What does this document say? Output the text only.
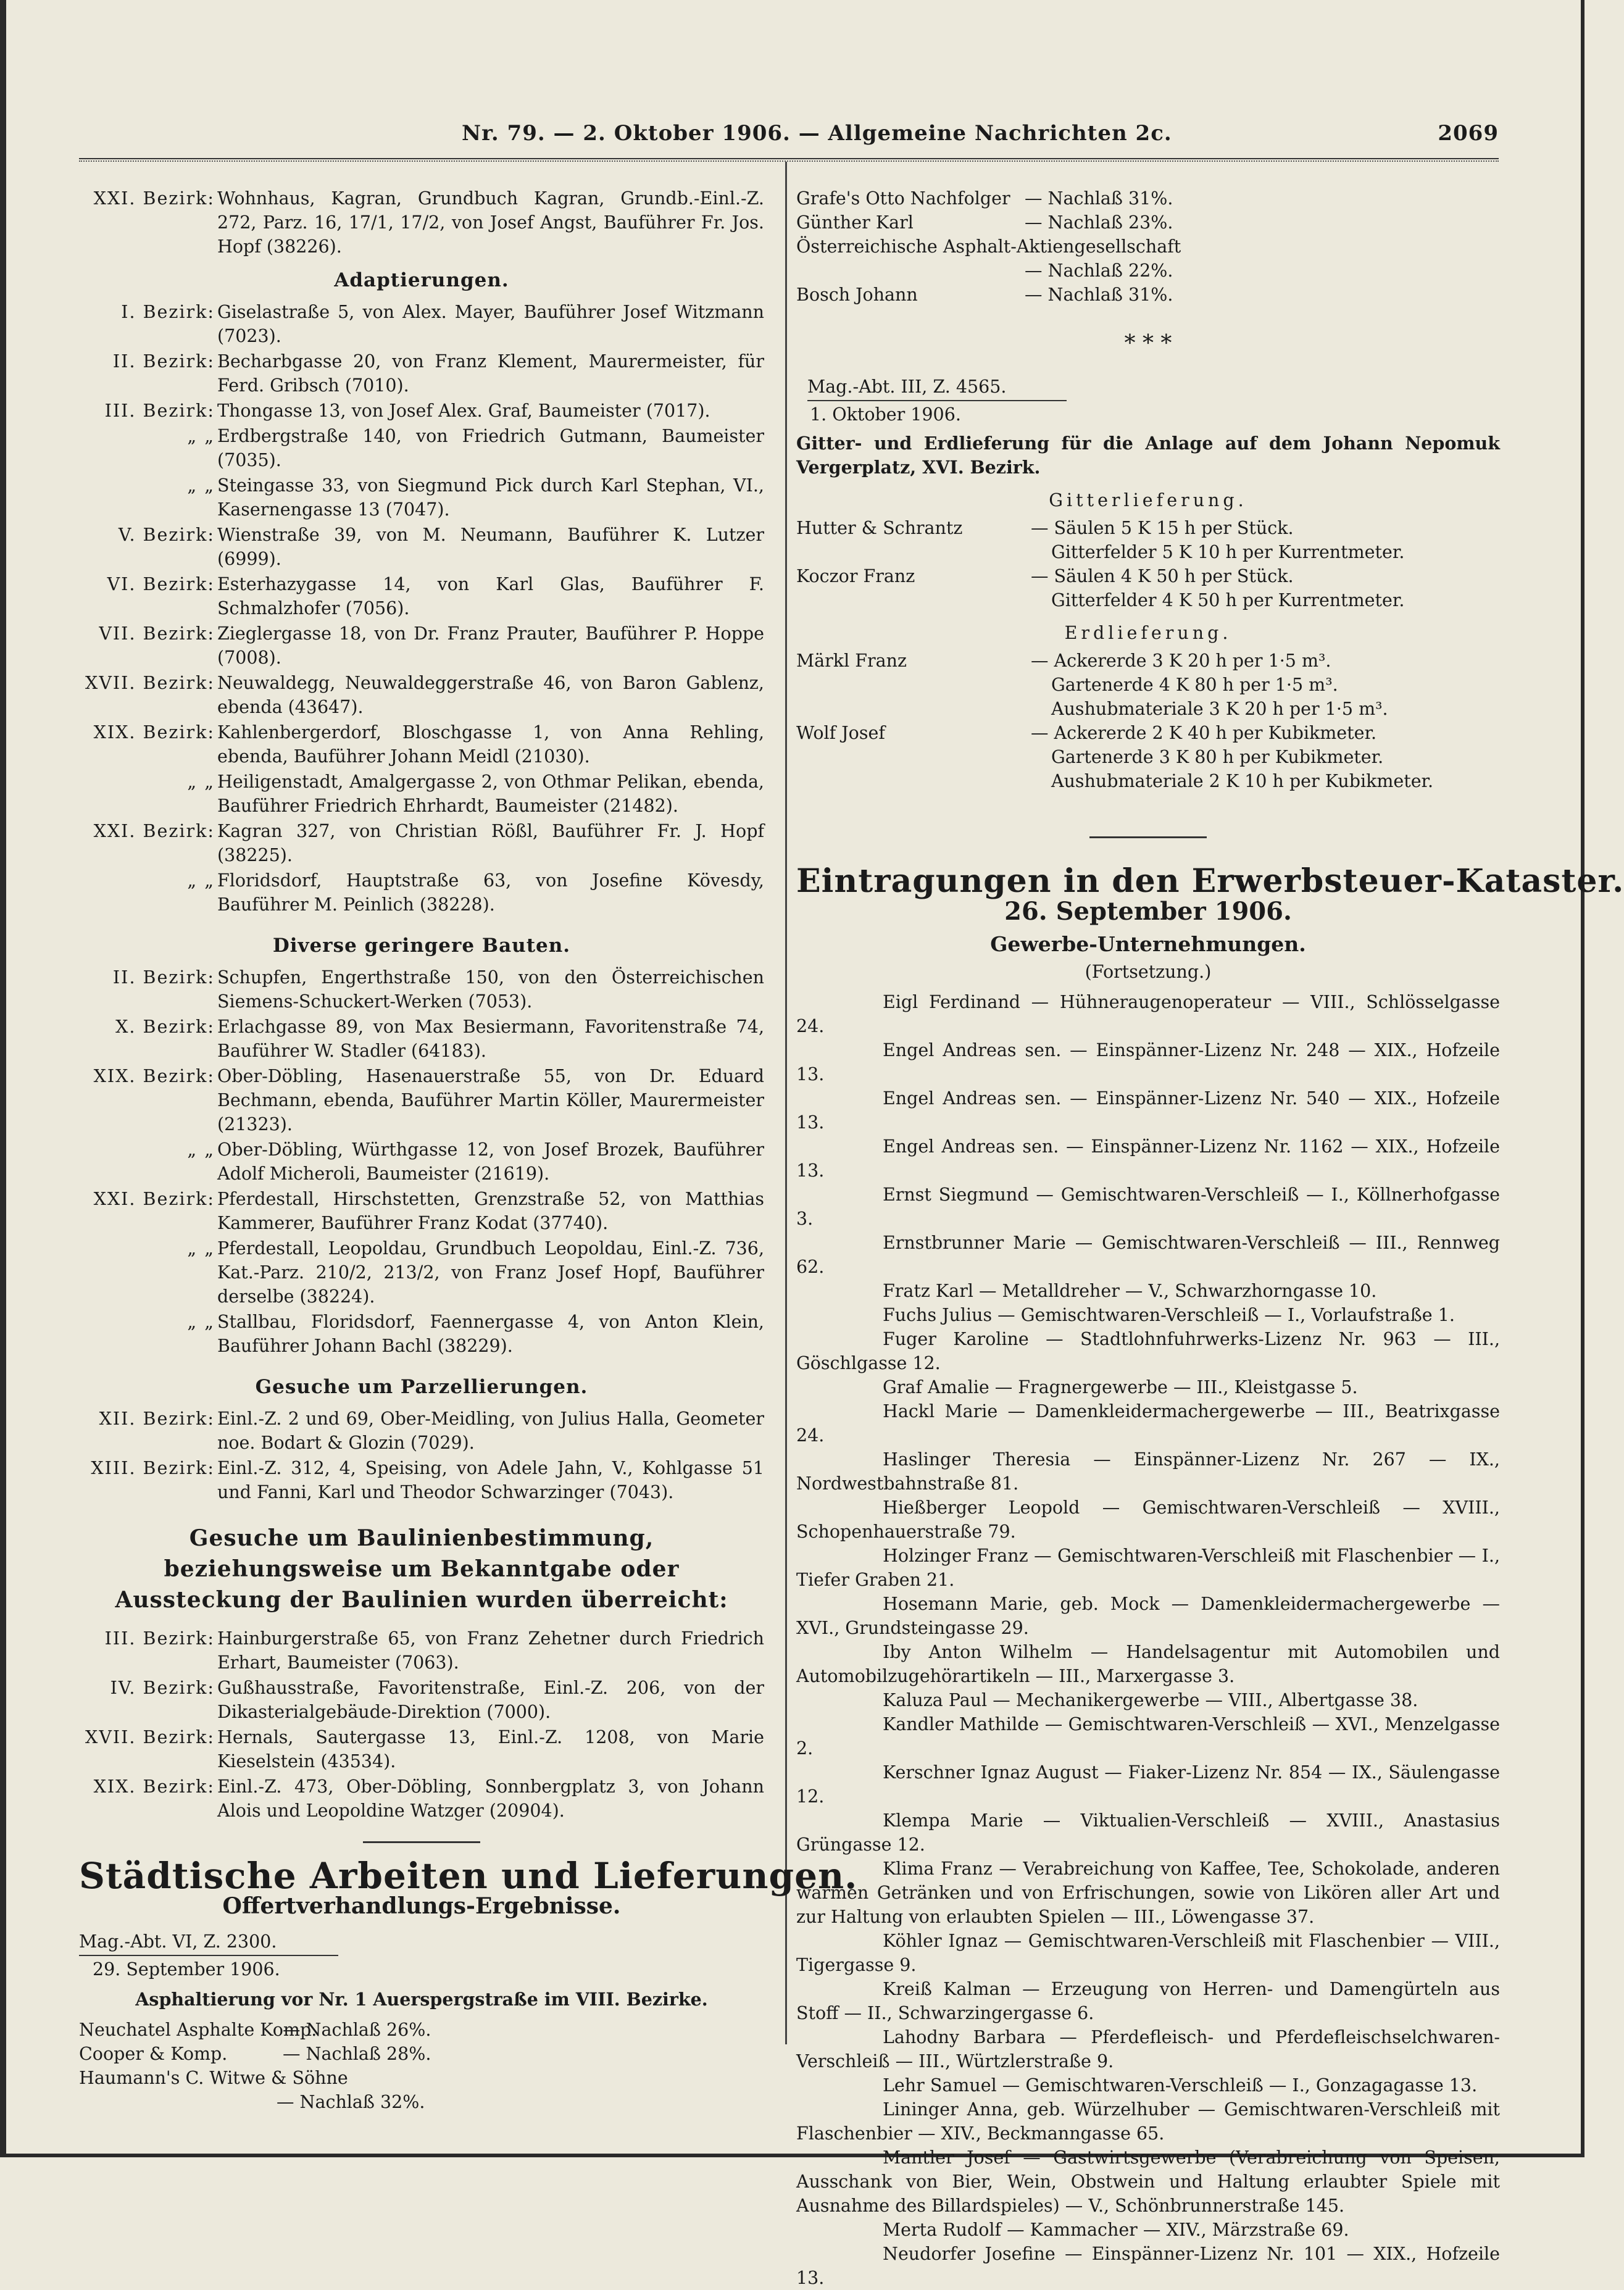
Nr. 79. — 2. Oktober 1906. — Allgemeine Nachrichten 2c.	2069
XXI. Bezirk: Wohnhaus, Kagran, Grundbuch Kagran, Grundb.-Einl.-Z. 272, Parz. 16, 17/1, 17/2, von Josef Angst, Bauführer Fr. Jos. Hopf (38226).
Adaptierungen.
I. Bezirk: Giselastraße 5, von Alex. Mayer, Bauführer Josef Witzmann (7023).
II. Bezirk: Becharbgasse 20, von Franz Klement, Maurermeister, für Ferd. Gribsch (7010).
III. Bezirk: Thongasse 13, von Josef Alex. Graf, Baumeister (7017).
„ „ Erdbergstraße 140, von Friedrich Gutmann, Baumeister (7035).
„ „ Steingasse 33, von Siegmund Pick durch Karl Stephan, VI., Kasernengasse 13 (7047).
V. Bezirk: Wienstraße 39, von M. Neumann, Bauführer K. Lutzer (6999).
VI. Bezirk: Esterhazygasse 14, von Karl Glas, Bauführer F. Schmalzhofer (7056).
VII. Bezirk: Zieglergasse 18, von Dr. Franz Prauter, Bauführer P. Hoppe (7008).
XVII. Bezirk: Neuwaldegg, Neuwaldeggerstraße 46, von Baron Gablenz, ebenda (43647).
XIX. Bezirk: Kahlenbergerdorf, Bloschgasse 1, von Anna Rehling, ebenda, Bauführer Johann Meidl (21030).
„ „ Heiligenstadt, Amalgergasse 2, von Othmar Pelikan, ebenda, Bauführer Friedrich Ehrhardt, Baumeister (21482).
XXI. Bezirk: Kagran 327, von Christian Rößl, Bauführer Fr. J. Hopf (38225).
„ „ Floridsdorf, Hauptstraße 63, von Josefine Kövesdy, Bauführer M. Peinlich (38228).
Diverse geringere Bauten.
II. Bezirk: Schupfen, Engerthstraße 150, von den Österreichischen Siemens-Schuckert-Werken (7053).
X. Bezirk: Erlachgasse 89, von Max Besiermann, Favoritenstraße 74, Bauführer W. Stadler (64183).
XIX. Bezirk: Ober-Döbling, Hasenauerstraße 55, von Dr. Eduard Bechmann, ebenda, Bauführer Martin Köller, Maurermeister (21323).
„ „ Ober-Döbling, Würthgasse 12, von Josef Brozek, Bauführer Adolf Micheroli, Baumeister (21619).
XXI. Bezirk: Pferdestall, Hirschstetten, Grenzstraße 52, von Matthias Kammerer, Bauführer Franz Kodat (37740).
„ „ Pferdestall, Leopoldau, Grundbuch Leopoldau, Einl.-Z. 736, Kat.-Parz. 210/2, 213/2, von Franz Josef Hopf, Bauführer derselbe (38224).
„ „ Stallbau, Floridsdorf, Faennergasse 4, von Anton Klein, Bauführer Johann Bachl (38229).
Gesuche um Parzellierungen.
XII. Bezirk: Einl.-Z. 2 und 69, Ober-Meidling, von Julius Halla, Geometer noe. Bodart & Glozin (7029).
XIII. Bezirk: Einl.-Z. 312, 4, Speising, von Adele Jahn, V., Kohlgasse 51 und Fanni, Karl und Theodor Schwarzinger (7043).
Gesuche um Baulinienbestimmung, beziehungsweise um Bekanntgabe oder Aussteckung der Baulinien wurden überreicht:
III. Bezirk: Hainburgerstraße 65, von Franz Zehetner durch Friedrich Erhart, Baumeister (7063).
IV. Bezirk: Gußhausstraße, Favoritenstraße, Einl.-Z. 206, von der Dikasterialgebäude-Direktion (7000).
XVII. Bezirk: Hernals, Sautergasse 13, Einl.-Z. 1208, von Marie Kieselstein (43534).
XIX. Bezirk: Einl.-Z. 473, Ober-Döbling, Sonnbergplatz 3, von Johann Alois und Leopoldine Watzger (20904).
Städtische Arbeiten und Lieferungen.
Offertverhandlungs-Ergebnisse.
Mag.-Abt. VI, Z. 2300.
29. September 1906.
Asphaltierung vor Nr. 1 Auerspergstraße im VIII. Bezirke.
Neuchatel Asphalte Komp.
— Nachlaß 26%.
Cooper & Komp.	— Nachlaß 28%.
Haumann's C. Witwe & Söhne
— Nachlaß 32%.
Grafe's Otto Nachfolger — Nachlaß 31%.
Günther Karl	— Nachlaß 23%.
Österreichische Asphalt-Aktiengesellschaft
— Nachlaß 22%.
Bosch Johann	— Nachlaß 31%.
* * *
Mag.-Abt. III, Z. 4565.
1. Oktober 1906.
Gitter- und Erdlieferung für die Anlage auf dem Johann Nepomuk Vergerplatz, XVI. Bezirk.
Gitterlieferung.
Hutter & Schrantz	— Säulen 5 K 15 h per Stück.
Gitterfelder 5 K 10 h per Kurrentmeter.
Koczor Franz	— Säulen 4 K 50 h per Stück.
Gitterfelder 4 K 50 h per Kurrentmeter.
Erdlieferung.
Märkl Franz	— Ackererde 3 K 20 h per 1·5 m³.
Gartenerde 4 K 80 h per 1·5 m³.
Aushubmateriale 3 K 20 h per 1·5 m³.
Wolf Josef	— Ackererde 2 K 40 h per Kubikmeter.
Gartenerde 3 K 80 h per Kubikmeter.
Aushubmateriale 2 K 10 h per Kubikmeter.
Eintragungen in den Erwerbsteuer-Kataster.
26. September 1906.
Gewerbe-Unternehmungen.
(Fortsetzung.)

Eigl Ferdinand — Hühneraugenoperateur — VIII., Schlösselgasse 24.

Engel Andreas sen. — Einspänner-Lizenz Nr. 248 — XIX., Hofzeile 13.

Engel Andreas sen. — Einspänner-Lizenz Nr. 540 — XIX., Hofzeile 13.

Engel Andreas sen. — Einspänner-Lizenz Nr. 1162 — XIX., Hofzeile 13.

Ernst Siegmund — Gemischtwaren-Verschleiß — I., Köllnerhofgasse 3.

Ernstbrunner Marie — Gemischtwaren-Verschleiß — III., Rennweg 62.

Fratz Karl — Metalldreher — V., Schwarzhorngasse 10.

Fuchs Julius — Gemischtwaren-Verschleiß — I., Vorlaufstraße 1.

Fuger Karoline — Stadtlohnfuhrwerks-Lizenz Nr. 963 — III., Göschlgasse 12.

Graf Amalie — Fragnergewerbe — III., Kleistgasse 5.

Hackl Marie — Damenkleidermachergewerbe — III., Beatrixgasse 24.

Haslinger Theresia — Einspänner-Lizenz Nr. 267 — IX., Nordwestbahnstraße 81.

Hießberger Leopold — Gemischtwaren-Verschleiß — XVIII., Schopenhauerstraße 79.

Holzinger Franz — Gemischtwaren-Verschleiß mit Flaschenbier — I., Tiefer Graben 21.

Hosemann Marie, geb. Mock — Damenkleidermachergewerbe — XVI., Grundsteingasse 29.

Iby Anton Wilhelm — Handelsagentur mit Automobilen und Automobilzugehörartikeln — III., Marxergasse 3.

Kaluza Paul — Mechanikergewerbe — VIII., Albertgasse 38.

Kandler Mathilde — Gemischtwaren-Verschleiß — XVI., Menzelgasse 2.

Kerschner Ignaz August — Fiaker-Lizenz Nr. 854 — IX., Säulengasse 12.

Klempa Marie — Viktualien-Verschleiß — XVIII., Anastasius Grüngasse 12.

Klima Franz — Verabreichung von Kaffee, Tee, Schokolade, anderen warmen Getränken und von Erfrischungen, sowie von Likören aller Art und zur Haltung von erlaubten Spielen — III., Löwengasse 37.

Köhler Ignaz — Gemischtwaren-Verschleiß mit Flaschenbier — VIII., Tigergasse 9.

Kreiß Kalman — Erzeugung von Herren- und Damengürteln aus Stoff — II., Schwarzingergasse 6.

Lahodny Barbara — Pferdefleisch- und Pferdefleischselchwaren-Verschleiß — III., Würtzlerstraße 9.

Lehr Samuel — Gemischtwaren-Verschleiß — I., Gonzagagasse 13.

Lininger Anna, geb. Würzelhuber — Gemischtwaren-Verschleiß mit Flaschenbier — XIV., Beckmanngasse 65.

Mantler Josef — Gastwirtsgewerbe (Verabreichung von Speisen, Ausschank von Bier, Wein, Obstwein und Haltung erlaubter Spiele mit Ausnahme des Billardspieles) — V., Schönbrunnerstraße 145.

Merta Rudolf — Kammacher — XIV., Märzstraße 69.

Neudorfer Josefine — Einspänner-Lizenz Nr. 101 — XIX., Hofzeile 13.
